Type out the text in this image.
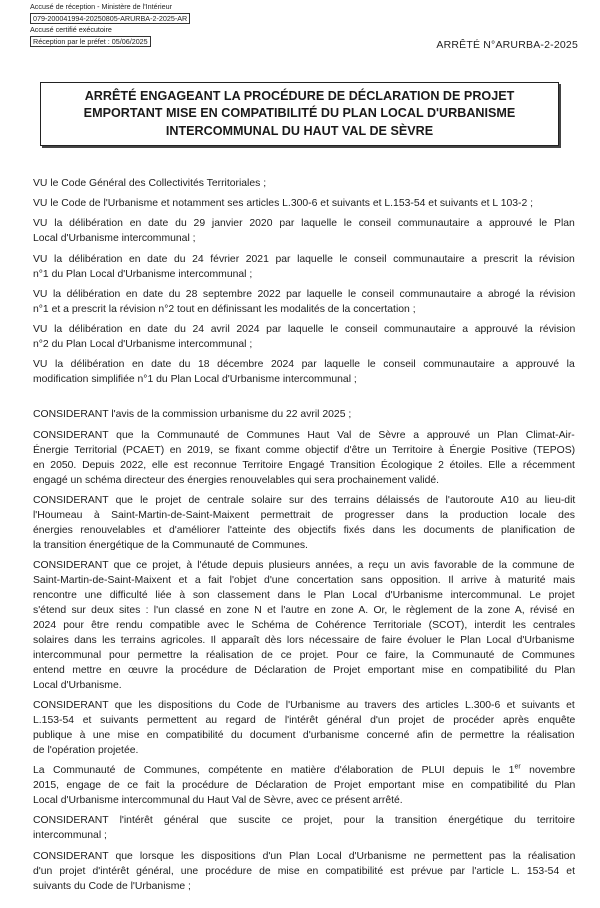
Accusé de réception - Ministère de l'Intérieur
079-200041994-20250805-ARURBA-2-2025-AR
Accusé certifié exécutoire
Réception par le préfet : 05/06/2025	ARRÊTÉ N°ARURBA-2-2025
ARRÊTÉ ENGAGEANT LA PROCÉDURE DE DÉCLARATION DE PROJET
EMPORTANT MISE EN COMPATIBILITÉ DU PLAN LOCAL D'URBANISME
INTERCOMMUNAL DU HAUT VAL DE SÈVRE

VU le Code Général des Collectivités Territoriales ;

VU le Code de l'Urbanisme et notamment ses articles L.300-6 et suivants et L.153-54 et suivants et L 103-2 ;

VU la délibération en date du 29 janvier 2020 par laquelle le conseil communautaire a approuvé le Plan
Local d'Urbanisme intercommunal ;

VU la délibération en date du 24 février 2021 par laquelle le conseil communautaire a prescrit la révision
n°1 du Plan Local d'Urbanisme intercommunal ;

VU la délibération en date du 28 septembre 2022 par laquelle le conseil communautaire a abrogé la révision
n°1 et a prescrit la révision n°2 tout en définissant les modalités de la concertation ;

VU la délibération en date du 24 avril 2024 par laquelle le conseil communautaire a approuvé la révision
n°2 du Plan Local d'Urbanisme intercommunal ;

VU la délibération en date du 18 décembre 2024 par laquelle le conseil communautaire a approuvé la
modification simplifiée n°1 du Plan Local d'Urbanisme intercommunal ;

CONSIDERANT l'avis de la commission urbanisme du 22 avril 2025 ;

CONSIDERANT que la Communauté de Communes Haut Val de Sèvre a approuvé un Plan Climat-Air-
Énergie Territorial (PCAET) en 2019, se fixant comme objectif d'être un Territoire à Énergie Positive (TEPOS)
en 2050. Depuis 2022, elle est reconnue Territoire Engagé Transition Écologique 2 étoiles. Elle a récemment
engagé un schéma directeur des énergies renouvelables qui sera prochainement validé.

CONSIDERANT que le projet de centrale solaire sur des terrains délaissés de l'autoroute A10 au lieu-dit
l'Houmeau à Saint-Martin-de-Saint-Maixent permettrait de progresser dans la production locale des
énergies renouvelables et d'améliorer l'atteinte des objectifs fixés dans les documents de planification de
la transition énergétique de la Communauté de Communes.

CONSIDERANT que ce projet, à l'étude depuis plusieurs années, a reçu un avis favorable de la commune de
Saint-Martin-de-Saint-Maixent et a fait l'objet d'une concertation sans opposition. Il arrive à maturité mais
rencontre une difficulté liée à son classement dans le Plan Local d'Urbanisme intercommunal. Le projet
s'étend sur deux sites : l'un classé en zone N et l'autre en zone A. Or, le règlement de la zone A, révisé en
2024 pour être rendu compatible avec le Schéma de Cohérence Territoriale (SCOT), interdit les centrales
solaires dans les terrains agricoles. Il apparaît dès lors nécessaire de faire évoluer le Plan Local d'Urbanisme
intercommunal pour permettre la réalisation de ce projet. Pour ce faire, la Communauté de Communes
entend mettre en œuvre la procédure de Déclaration de Projet emportant mise en compatibilité du Plan
Local d'Urbanisme.

CONSIDERANT que les dispositions du Code de l'Urbanisme au travers des articles L.300-6 et suivants et
L.153-54 et suivants permettent au regard de l'intérêt général d'un projet de procéder après enquête
publique à une mise en compatibilité du document d'urbanisme concerné afin de permettre la réalisation
de l'opération projetée.

La Communauté de Communes, compétente en matière d'élaboration de PLUI depuis le 1er novembre
2015, engage de ce fait la procédure de Déclaration de Projet emportant mise en compatibilité du Plan
Local d'Urbanisme intercommunal du Haut Val de Sèvre, avec ce présent arrêté.

CONSIDERANT l'intérêt général que suscite ce projet, pour la transition énergétique du territoire
intercommunal ;

CONSIDERANT que lorsque les dispositions d'un Plan Local d'Urbanisme ne permettent pas la réalisation
d'un projet d'intérêt général, une procédure de mise en compatibilité est prévue par l'article L. 153-54 et
suivants du Code de l'Urbanisme ;
